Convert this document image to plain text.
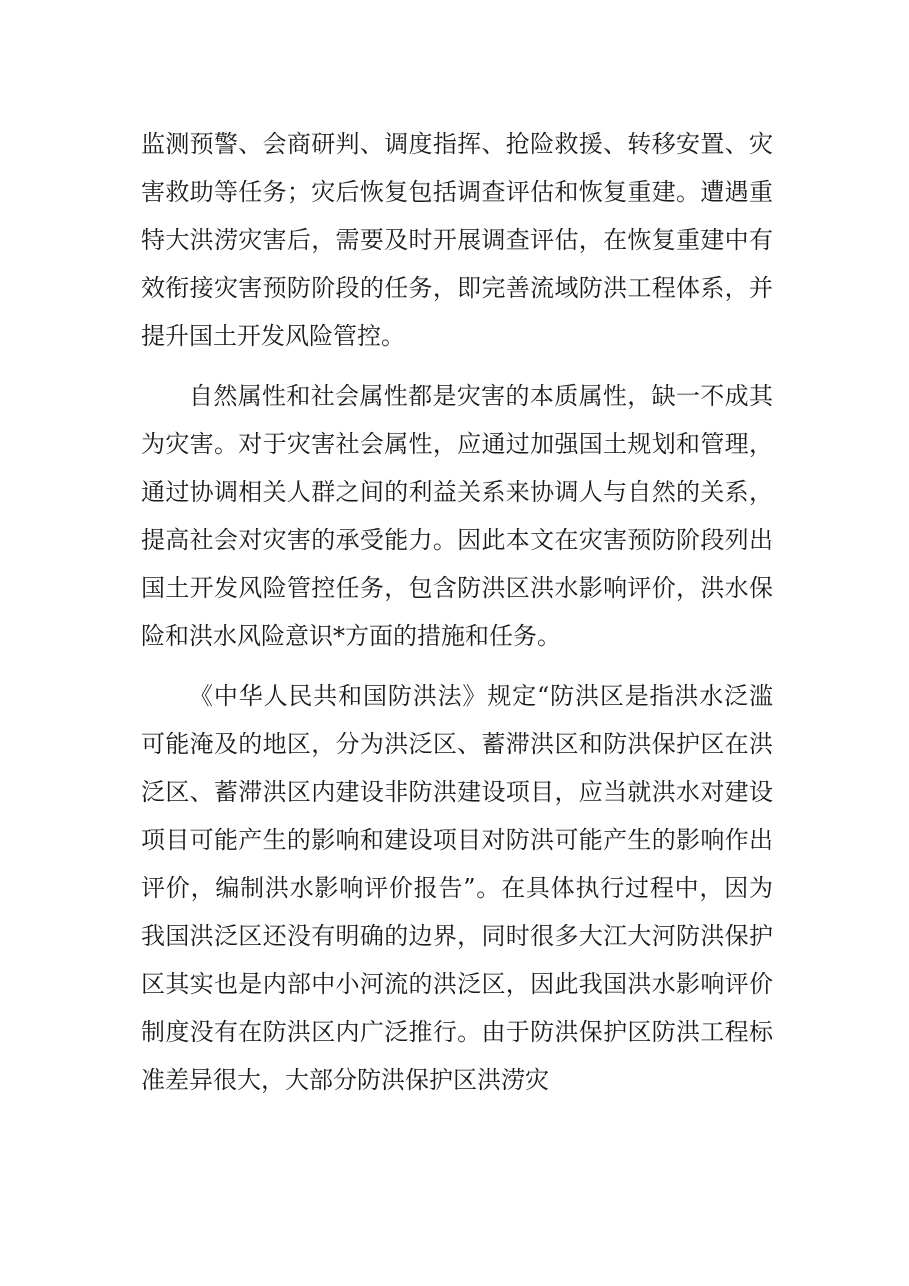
监测预警、会商研判、调度指挥、抢险救援、转移安置、灾害救助等任务；灾后恢复包括调查评估和恢复重建。遭遇重特大洪涝灾害后，需要及时开展调查评估，在恢复重建中有效衔接灾害预防阶段的任务，即完善流域防洪工程体系，并提升国土开发风险管控。

自然属性和社会属性都是灾害的本质属性，缺一不成其为灾害。对于灾害社会属性，应通过加强国土规划和管理，通过协调相关人群之间的利益关系来协调人与自然的关系，提高社会对灾害的承受能力。因此本文在灾害预防阶段列出国土开发风险管控任务，包含防洪区洪水影响评价，洪水保险和洪水风险意识*方面的措施和任务。

《中华人民共和国防洪法》规定“防洪区是指洪水泛滥可能淹及的地区，分为洪泛区、蓄滞洪区和防洪保护区在洪泛区、蓄滞洪区内建设非防洪建设项目，应当就洪水对建设项目可能产生的影响和建设项目对防洪可能产生的影响作出评价，编制洪水影响评价报告”。在具体执行过程中，因为我国洪泛区还没有明确的边界，同时很多大江大河防洪保护区其实也是内部中小河流的洪泛区，因此我国洪水影响评价制度没有在防洪区内广泛推行。由于防洪保护区防洪工程标准差异很大，大部分防洪保护区洪涝灾
